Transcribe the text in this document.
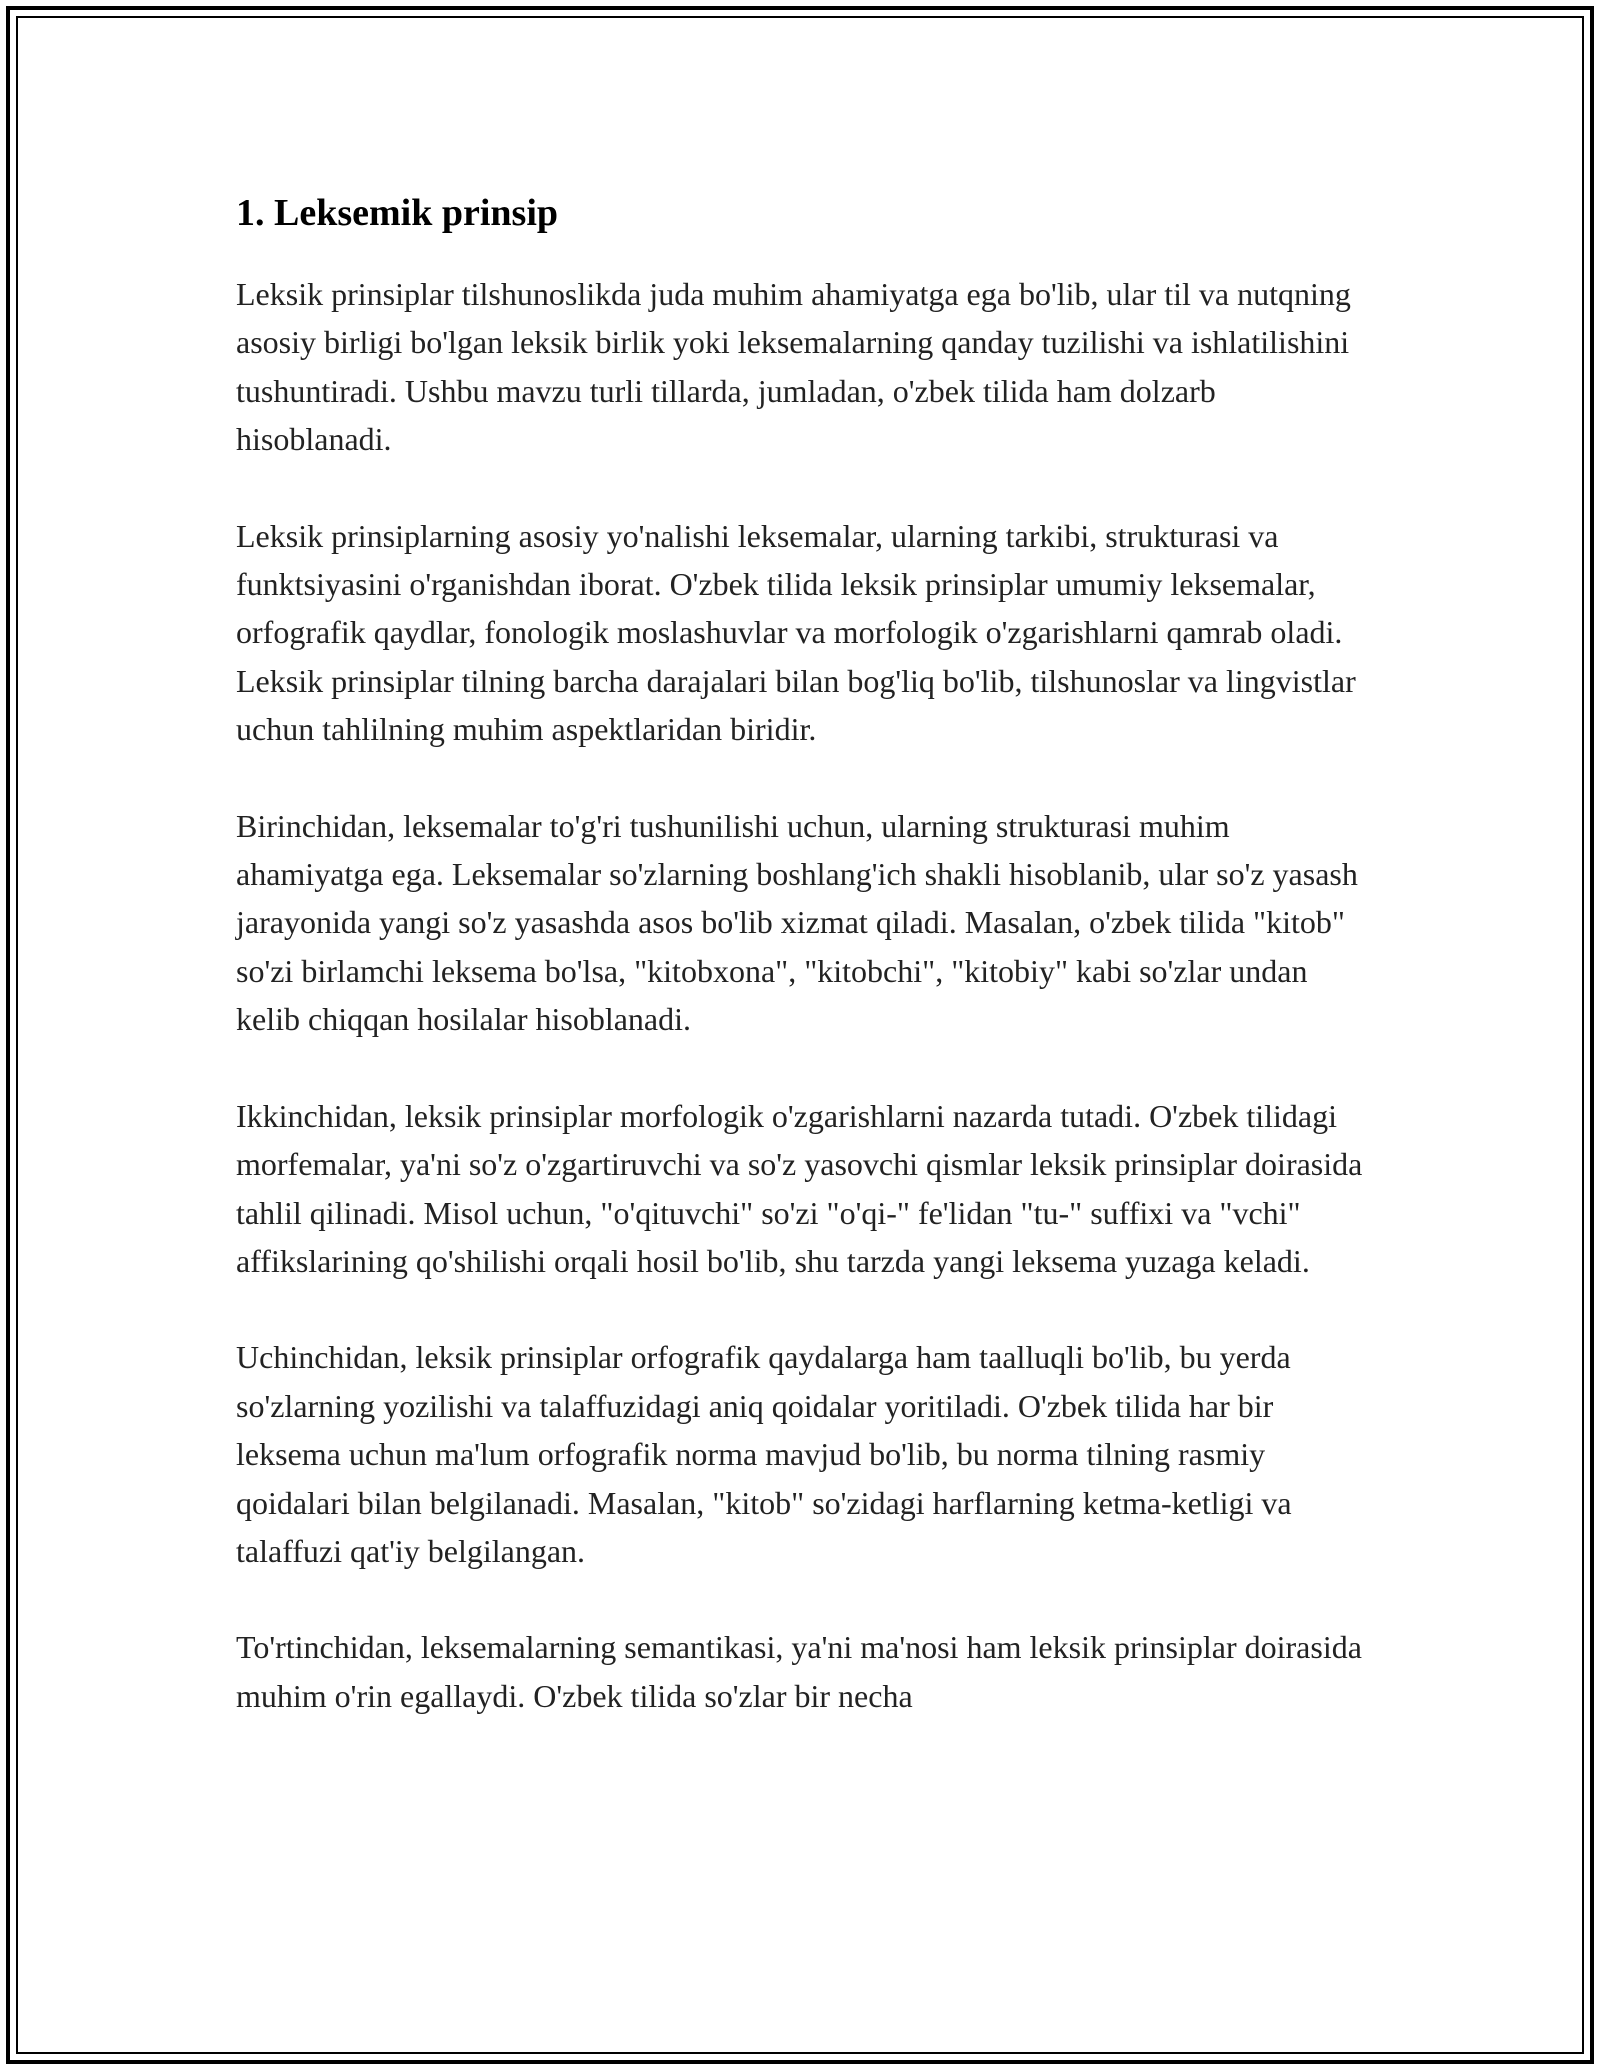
1. Leksemik prinsip

Leksik prinsiplar tilshunoslikda juda muhim ahamiyatga ega bo'lib, ular til va nutqning asosiy birligi bo'lgan leksik birlik yoki leksemalarning qanday tuzilishi va ishlatilishini tushuntiradi. Ushbu mavzu turli tillarda, jumladan, o'zbek tilida ham dolzarb hisoblanadi.

Leksik prinsiplarning asosiy yo'nalishi leksemalar, ularning tarkibi, strukturasi va funktsiyasini o'rganishdan iborat. O'zbek tilida leksik prinsiplar umumiy leksemalar, orfografik qaydlar, fonologik moslashuvlar va morfologik o'zgarishlarni qamrab oladi. Leksik prinsiplar tilning barcha darajalari bilan bog'liq bo'lib, tilshunoslar va lingvistlar uchun tahlilning muhim aspektlaridan biridir.

Birinchidan, leksemalar to'g'ri tushunilishi uchun, ularning strukturasi muhim ahamiyatga ega. Leksemalar so'zlarning boshlang'ich shakli hisoblanib, ular so'z yasash jarayonida yangi so'z yasashda asos bo'lib xizmat qiladi. Masalan, o'zbek tilida "kitob" so'zi birlamchi leksema bo'lsa, "kitobxona", "kitobchi", "kitobiy" kabi so'zlar undan kelib chiqqan hosilalar hisoblanadi.

Ikkinchidan, leksik prinsiplar morfologik o'zgarishlarni nazarda tutadi. O'zbek tilidagi morfemalar, ya'ni so'z o'zgartiruvchi va so'z yasovchi qismlar leksik prinsiplar doirasida tahlil qilinadi. Misol uchun, "o'qituvchi" so'zi "o'qi-" fe'lidan "tu-" suffixi va "vchi" affikslarining qo'shilishi orqali hosil bo'lib, shu tarzda yangi leksema yuzaga keladi.

Uchinchidan, leksik prinsiplar orfografik qaydalarga ham taalluqli bo'lib, bu yerda so'zlarning yozilishi va talaffuzidagi aniq qoidalar yoritiladi. O'zbek tilida har bir leksema uchun ma'lum orfografik norma mavjud bo'lib, bu norma tilning rasmiy qoidalari bilan belgilanadi. Masalan, "kitob" so'zidagi harflarning ketma-ketligi va talaffuzi qat'iy belgilangan.

To'rtinchidan, leksemalarning semantikasi, ya'ni ma'nosi ham leksik prinsiplar doirasida muhim o'rin egallaydi. O'zbek tilida so'zlar bir necha
